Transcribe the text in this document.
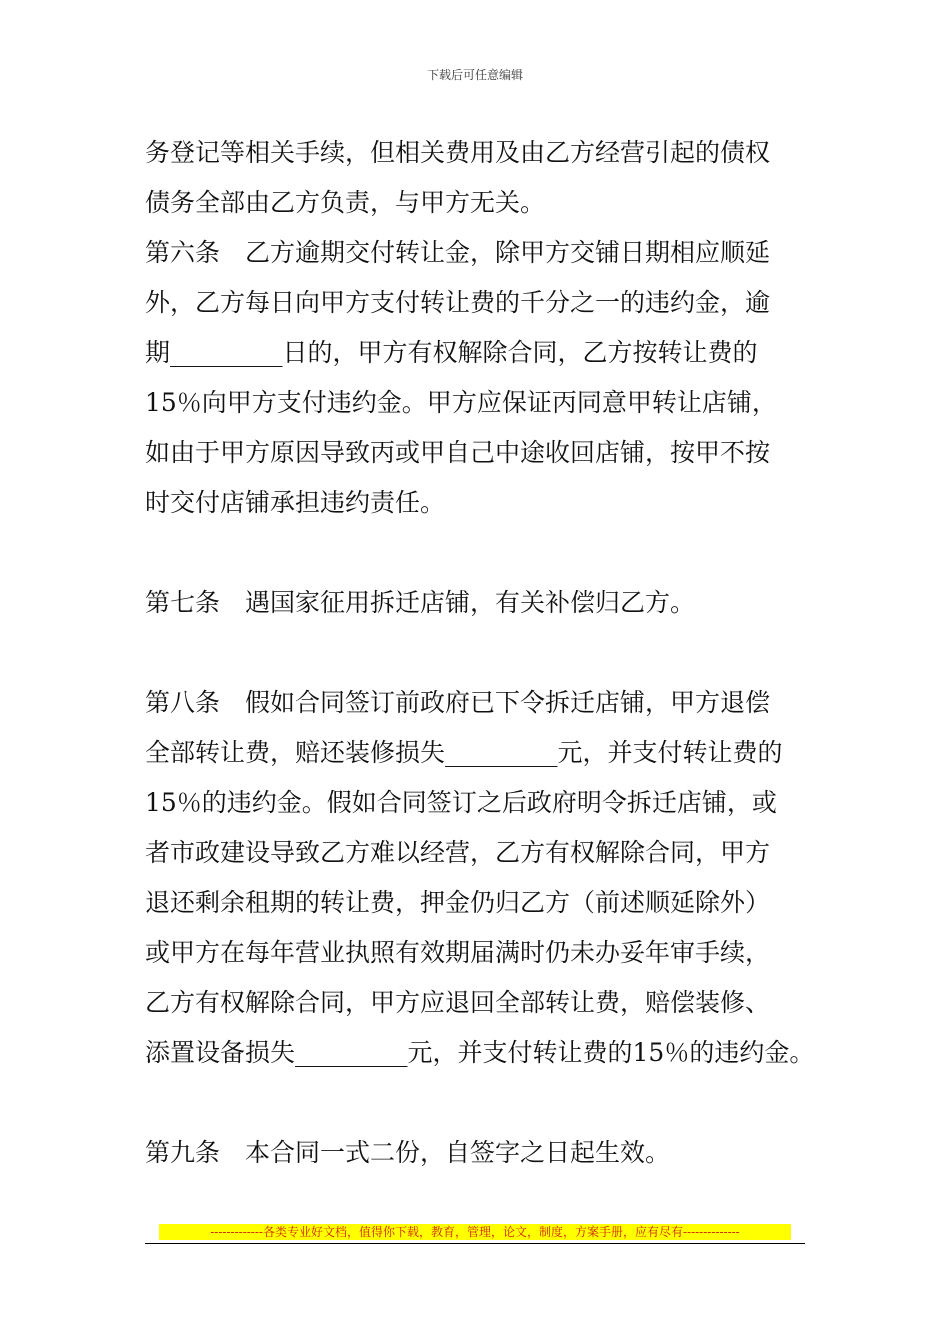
下载后可任意编辑
务登记等相关手续，但相关费用及由乙方经营引起的债权
债务全部由乙方负责，与甲方无关。
第六条　乙方逾期交付转让金，除甲方交铺日期相应顺延
外，乙方每日向甲方支付转让费的千分之一的违约金，逾
期_________日的，甲方有权解除合同，乙方按转让费的
15％向甲方支付违约金。甲方应保证丙同意甲转让店铺，
如由于甲方原因导致丙或甲自己中途收回店铺，按甲不按
时交付店铺承担违约责任。
第七条　遇国家征用拆迁店铺，有关补偿归乙方。
第八条　假如合同签订前政府已下令拆迁店铺，甲方退偿
全部转让费，赔还装修损失_________元，并支付转让费的
15％的违约金。假如合同签订之后政府明令拆迁店铺，或
者市政建设导致乙方难以经营，乙方有权解除合同，甲方
退还剩余租期的转让费，押金仍归乙方（前述顺延除外）
或甲方在每年营业执照有效期届满时仍未办妥年审手续，
乙方有权解除合同，甲方应退回全部转让费，赔偿装修、
添置设备损失_________元，并支付转让费的15％的违约金。
第九条　本合同一式二份，自签字之日起生效。
-------------各类专业好文档，值得你下载，教育，管理，论文，制度，方案手册，应有尽有--------------
